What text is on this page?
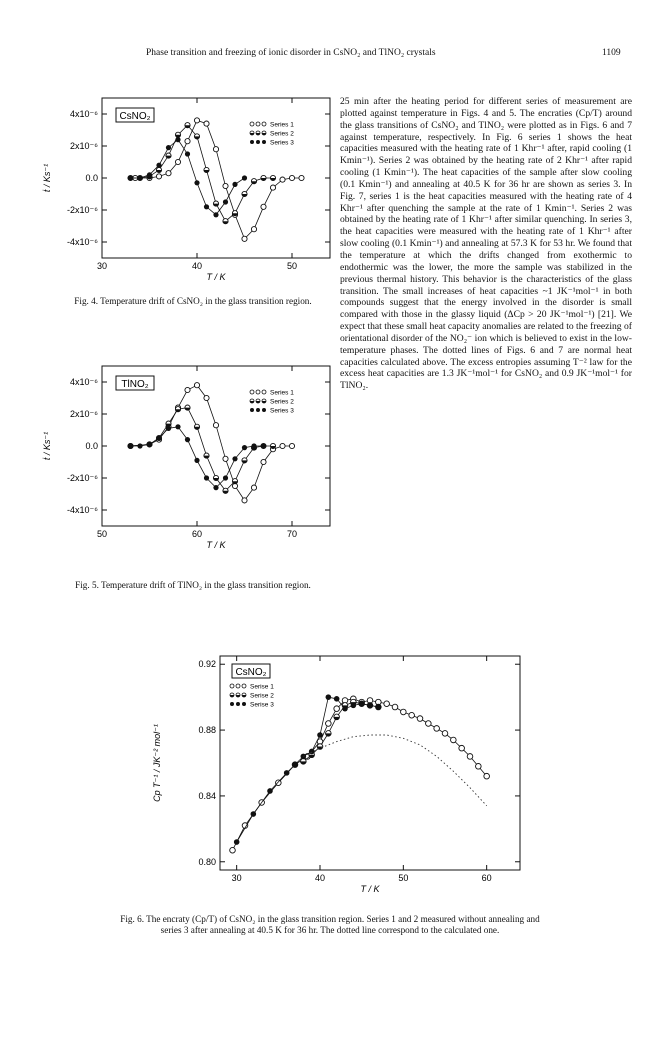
Phase transition and freezing of ionic disorder in CsNO₂ and TlNO₂ crystals	1109
30	40	50
4x10⁻⁶
2x10⁻⁶
0.0
-2x10⁻⁶
-4x10⁻⁶
T / K
ṫ / Ks⁻¹
CsNO₂
Series 1
Series 2
Series 3
Fig. 4. Temperature drift of CsNO₂ in the glass transition region.
50	60	70
4x10⁻⁶
2x10⁻⁶
0.0
-2x10⁻⁶
-4x10⁻⁶
T / K
ṫ / Ks⁻¹
TlNO₂
Series 1
Series 2
Series 3
Fig. 5. Temperature drift of TlNO₂ in the glass transition region.
25 min after the heating period for different series of measurement are plotted against temperature in Figs. 4 and 5. The encraties (Cp/T) around the glass transitions of CsNO₂ and TlNO₂ were plotted as in Figs. 6 and 7 against temperature, respectively. In Fig. 6 series 1 shows the heat capacities measured with the heating rate of 1 Khr⁻¹ after, rapid cooling (1 Kmin⁻¹). Series 2 was obtained by the heating rate of 2 Khr⁻¹ after rapid cooling (1 Kmin⁻¹). The heat capacities of the sample after slow cooling (0.1 Kmin⁻¹) and annealing at 40.5 K for 36 hr are shown as series 3. In Fig. 7, series 1 is the heat capacities measured with the heating rate of 4 Khr⁻¹ after quenching the sample at the rate of 1 Kmin⁻¹. Series 2 was obtained by the heating rate of 1 Khr⁻¹ after similar quenching. In series 3, the heat capacities were measured with the heating rate of 1 Khr⁻¹ after slow cooling (0.1 Kmin⁻¹) and annealing at 57.3 K for 53 hr. We found that the temperature at which the drifts changed from exothermic to endothermic was the lower, the more the sample was stabilized in the previous thermal history. This behavior is the characteristics of the glass transition. The small increases of heat capacities ~1 JK⁻¹mol⁻¹ in both compounds suggest that the energy involved in the disorder is small compared with those in the glassy liquid (ΔCp > 20 JK⁻¹mol⁻¹) [21]. We expect that these small heat capacity anomalies are related to the freezing of orientational disorder of the NO₂⁻ ion which is believed to exist in the low-temperature phases. The dotted lines of Figs. 6 and 7 are normal heat capacities calculated above. The excess entropies assuming T⁻² law for the excess heat capacities are 1.3 JK⁻¹mol⁻¹ for CsNO₂ and 0.9 JK⁻¹mol⁻¹ for TlNO₂.
30	40	50	60
0.92
0.88
0.84
0.80
T / K
Cp T⁻¹ / JK⁻² mol⁻¹
CsNO₂
Serise 1
Serise 2
Serise 3
Fig. 6. The encraty (Cp/T) of CsNO₂ in the glass transition region. Series 1 and 2 measured without annealing and series 3 after annealing at 40.5 K for 36 hr. The dotted line correspond to the calculated one.
